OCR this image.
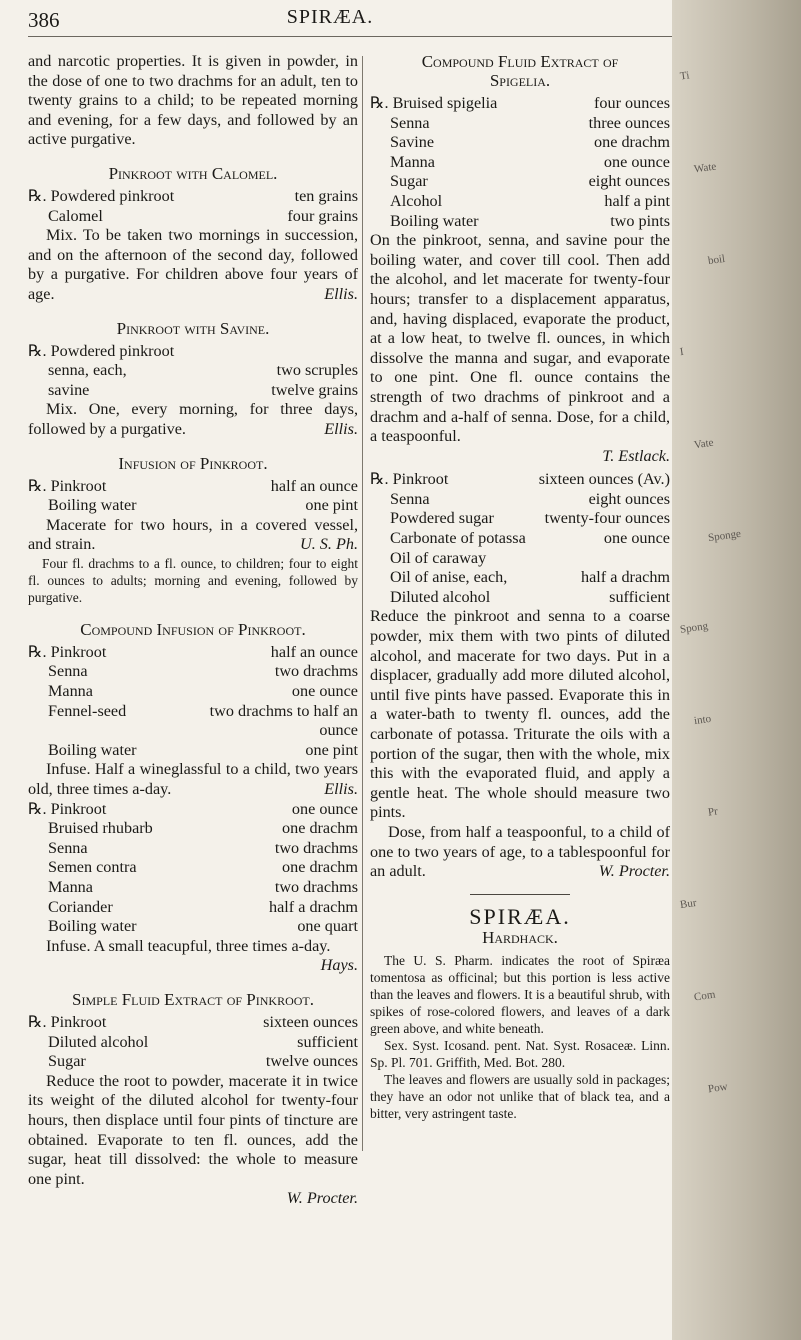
386	SPIRÆA.
and narcotic properties. It is given in powder, in the dose of one to two drachms for an adult, ten to twenty grains to a child; to be repeated morning and evening, for a few days, and followed by an active purgative.
Pinkroot with Calomel.
℞. Powdered pinkroot	ten grains
Calomel	four grains
Mix. To be taken two mornings in succession, and on the afternoon of the second day, followed by a purgative. For children above four years of age.	Ellis.
Pinkroot with Savine.
℞. Powdered pinkroot
senna, each,	two scruples
savine	twelve grains
Mix. One, every morning, for three days, followed by a purgative.	Ellis.
Infusion of Pinkroot.
℞. Pinkroot	half an ounce
Boiling water	one pint
Macerate for two hours, in a covered vessel, and strain.	U. S. Ph.
Four fl. drachms to a fl. ounce, to children; four to eight fl. ounces to adults; morning and evening, followed by purgative.
Compound Infusion of Pinkroot.
℞. Pinkroot	half an ounce
Senna	two drachms
Manna	one ounce
Fennel-seed	two drachms to half an
ounce
Boiling water	one pint
Infuse. Half a wineglassful to a child, two years old, three times a-day.	Ellis.
℞. Pinkroot	one ounce
Bruised rhubarb	one drachm
Senna	two drachms
Semen contra	one drachm
Manna	two drachms
Coriander	half a drachm
Boiling water	one quart
Infuse. A small teacupful, three times a-day.
Hays.
Simple Fluid Extract of Pinkroot.
℞. Pinkroot	sixteen ounces
Diluted alcohol	sufficient
Sugar	twelve ounces
Reduce the root to powder, macerate it in twice its weight of the diluted alcohol for twenty-four hours, then displace until four pints of tincture are obtained. Evaporate to ten fl. ounces, add the sugar, heat till dissolved: the whole to measure one pint.
W. Procter.
Compound Fluid Extract of
Spigelia.
℞. Bruised spigelia	four ounces
Senna	three ounces
Savine	one drachm
Manna	one ounce
Sugar	eight ounces
Alcohol	half a pint
Boiling water	two pints
On the pinkroot, senna, and savine pour the boiling water, and cover till cool. Then add the alcohol, and let macerate for twenty-four hours; transfer to a displacement apparatus, and, having displaced, evaporate the product, at a low heat, to twelve fl. ounces, in which dissolve the manna and sugar, and evaporate to one pint. One fl. ounce contains the strength of two drachms of pinkroot and a drachm and a-half of senna. Dose, for a child, a teaspoonful.
T. Estlack.
℞. Pinkroot	sixteen ounces (Av.)
Senna	eight ounces
Powdered sugar	twenty-four ounces
Carbonate of potassa	one ounce
Oil of caraway
Oil of anise, each,	half a drachm
Diluted alcohol	sufficient
Reduce the pinkroot and senna to a coarse powder, mix them with two pints of diluted alcohol, and macerate for two days. Put in a displacer, gradually add more diluted alcohol, until five pints have passed. Evaporate this in a water-bath to twenty fl. ounces, add the carbonate of potassa. Triturate the oils with a portion of the sugar, then with the whole, mix this with the evaporated fluid, and apply a gentle heat. The whole should measure two pints.
Dose, from half a teaspoonful, to a child of one to two years of age, to a tablespoonful for an adult.	W. Procter.
SPIRÆA.
Hardhack.
The U. S. Pharm. indicates the root of Spiræa tomentosa as officinal; but this portion is less active than the leaves and flowers. It is a beautiful shrub, with spikes of rose-colored flowers, and leaves of a dark green above, and white beneath.
Sex. Syst. Icosand. pent. Nat. Syst. Rosaceæ. Linn. Sp. Pl. 701. Griffith, Med. Bot. 280.
The leaves and flowers are usually sold in packages; they have an odor not unlike that of black tea, and a bitter, very astringent taste.
Ti
Wate
boil
I
Vate
Sponge
Spong
into
Pr
Bur
Com
Pow
